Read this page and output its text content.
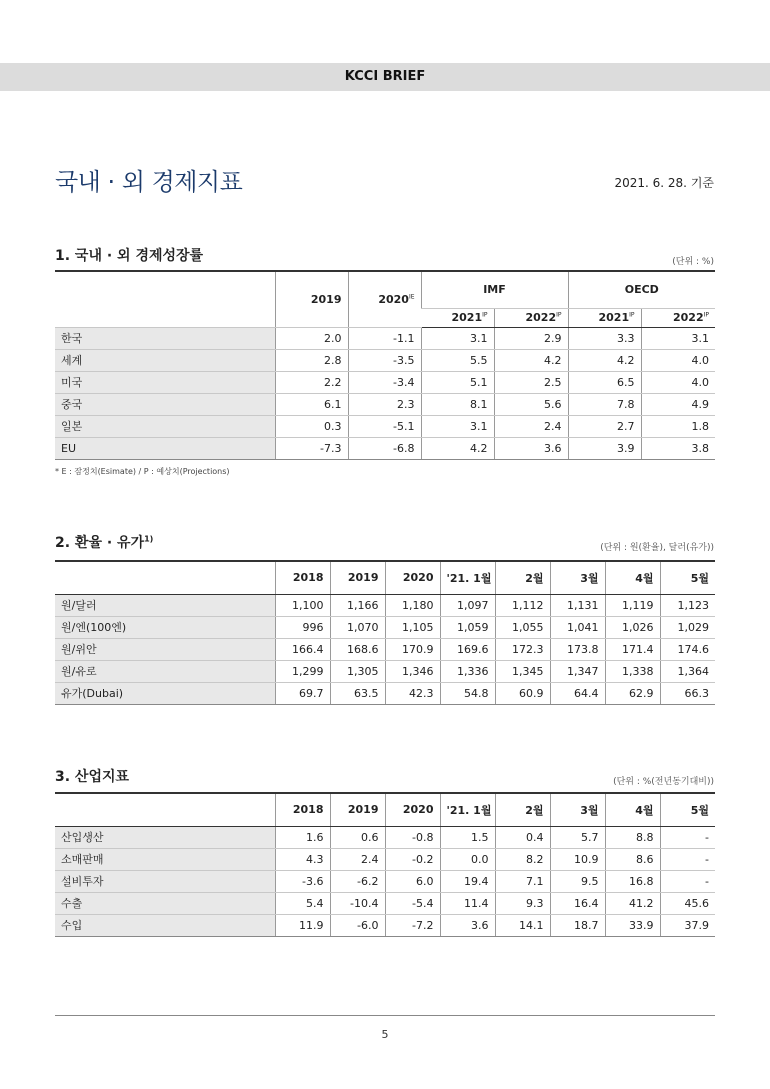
KCCI BRIEF
국내 · 외 경제지표	2021. 6. 28. 기준
1. 국내 · 외 경제성장률	(단위 : %)
	2019	$2020^{IE}$	IMF		OECD	
			$2021^{IP}$	$2022^{IP}$	$2021^{IP}$	$2022^{IP}$
한국	2.0	-1.1	3.1	2.9	3.3	3.1
세계	2.8	-3.5	5.5	4.2	4.2	4.0
미국	2.2	-3.4	5.1	2.5	6.5	4.0
중국	6.1	2.3	8.1	5.6	7.8	4.9
일본	0.3	-5.1	3.1	2.4	2.7	1.8
EU	-7.3	-6.8	4.2	3.6	3.9	3.8

* E : 잠정치(Esimate) / P : 예상치(Projections)

2. 환율 · 유가$^{1)}$
(단위 : 원(환율), 달러(유가))
	2018	2019	2020	'21. 1월	2월	3월	4월	5월
원/달러	1,100	1,166	1,180	1,097	1,112	1,131	1,119	1,123
원/엔(100엔)	996	1,070	1,105	1,059	1,055	1,041	1,026	1,029
원/위안	166.4	168.6	170.9	169.6	172.3	173.8	171.4	174.6
원/유로	1,299	1,305	1,346	1,336	1,345	1,347	1,338	1,364
유가(Dubai)	69.7	63.5	42.3	54.8	60.9	64.4	62.9	66.3
3. 산업지표	(단위 : %(전년동기대비))
	2018	2019	2020	'21. 1월	2월	3월	4월	5월
산입생산	1.6	0.6	-0.8	1.5	0.4	5.7	8.8	-
소매판매	4.3	2.4	-0.2	0.0	8.2	10.9	8.6	-
설비투자	-3.6	-6.2	6.0	19.4	7.1	9.5	16.8	-
수출	5.4	-10.4	-5.4	11.4	9.3	16.4	41.2	45.6
수입	11.9	-6.0	-7.2	3.6	14.1	18.7	33.9	37.9
5
